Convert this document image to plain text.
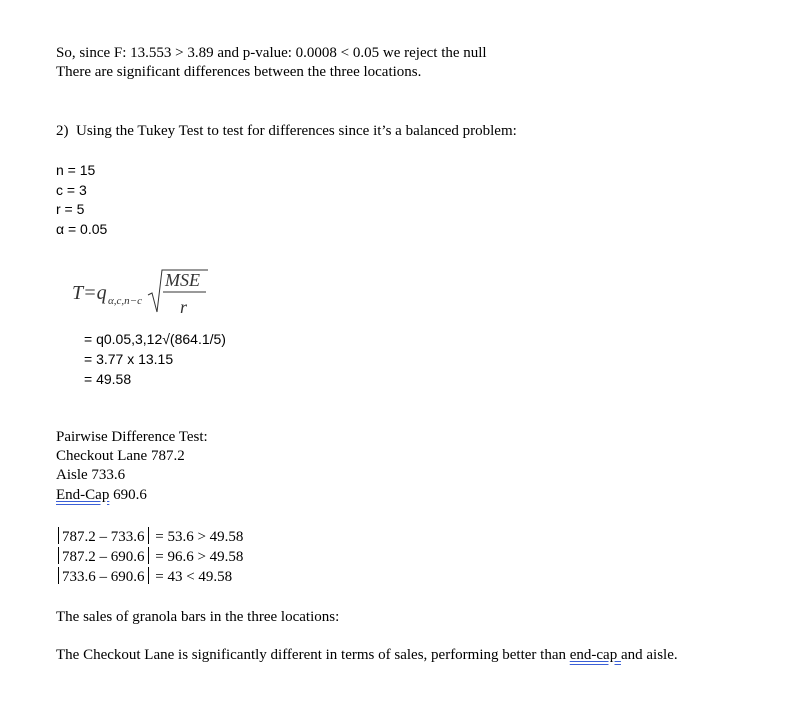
So, since F: 13.553 > 3.89 and p-value: 0.0008 < 0.05 we reject the null
There are significant differences between the three locations.
2)  Using the Tukey Test to test for differences since it’s a balanced problem:
n = 15
c = 3
r = 5
α = 0.05
T=q α,c,n−c
MSE
r
= q0.05,3,12√(864.1/5)
= 3.77 x 13.15
= 49.58
Pairwise Difference Test:
Checkout Lane 787.2
Aisle 733.6
End-Cap 690.6
787.2 – 733.6 = 53.6 > 49.58
787.2 – 690.6 = 96.6 > 49.58
733.6 – 690.6 = 43 < 49.58
The sales of granola bars in the three locations:
The Checkout Lane is significantly different in terms of sales, performing better than end-cap and aisle.
